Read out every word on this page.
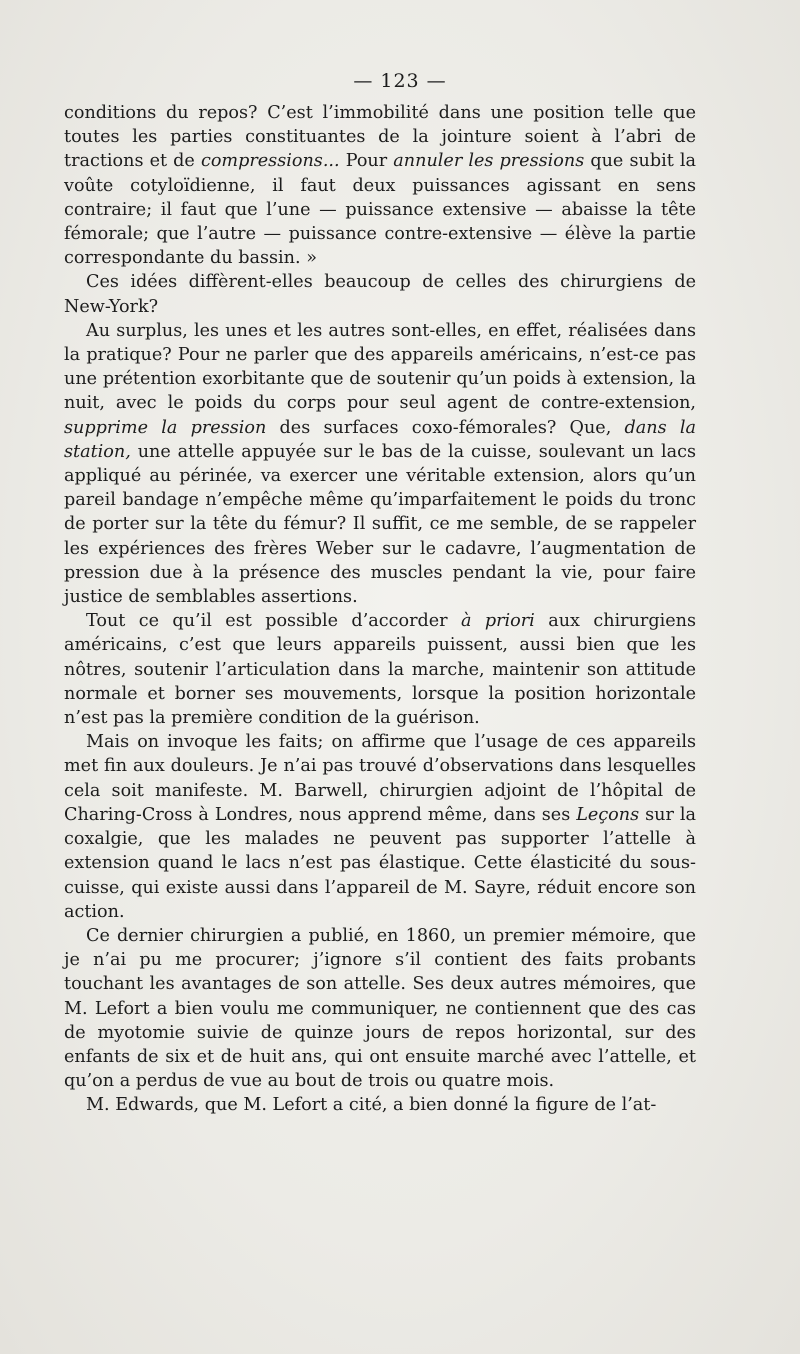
— 123 —

conditions du repos? C’est l’immobilité dans une position telle que toutes les parties constituantes de la jointure soient à l’abri de tractions et de compressions... Pour annuler les pressions que subit la voûte cotyloïdienne, il faut deux puissances agissant en sens contraire; il faut que l’une — puissance extensive — abaisse la tête fémorale; que l’autre — puissance contre-extensive — élève la partie correspondante du bassin. »

Ces idées diffèrent-elles beaucoup de celles des chirurgiens de New-York?

Au surplus, les unes et les autres sont-elles, en effet, réalisées dans la pratique? Pour ne parler que des appareils américains, n’est-ce pas une prétention exorbitante que de soutenir qu’un poids à extension, la nuit, avec le poids du corps pour seul agent de contre-extension, supprime la pression des surfaces coxo-fémorales? Que, dans la station, une attelle appuyée sur le bas de la cuisse, soulevant un lacs appliqué au périnée, va exercer une véritable extension, alors qu’un pareil bandage n’empêche même qu’imparfaitement le poids du tronc de porter sur la tête du fémur? Il suffit, ce me semble, de se rappeler les expériences des frères Weber sur le cadavre, l’augmentation de pression due à la présence des muscles pendant la vie, pour faire justice de semblables assertions.

Tout ce qu’il est possible d’accorder à priori aux chirurgiens américains, c’est que leurs appareils puissent, aussi bien que les nôtres, soutenir l’articulation dans la marche, maintenir son attitude normale et borner ses mouvements, lorsque la position horizontale n’est pas la première condition de la guérison.

Mais on invoque les faits; on affirme que l’usage de ces appareils met fin aux douleurs. Je n’ai pas trouvé d’observations dans lesquelles cela soit manifeste. M. Barwell, chirurgien adjoint de l’hôpital de Charing-Cross à Londres, nous apprend même, dans ses Leçons sur la coxalgie, que les malades ne peuvent pas supporter l’attelle à extension quand le lacs n’est pas élastique. Cette élasticité du sous-cuisse, qui existe aussi dans l’appareil de M. Sayre, réduit encore son action.

Ce dernier chirurgien a publié, en 1860, un premier mémoire, que je n’ai pu me procurer; j’ignore s’il contient des faits probants touchant les avantages de son attelle. Ses deux autres mémoires, que M. Lefort a bien voulu me communiquer, ne contiennent que des cas de myotomie suivie de quinze jours de repos horizontal, sur des enfants de six et de huit ans, qui ont ensuite marché avec l’attelle, et qu’on a perdus de vue au bout de trois ou quatre mois.

M. Edwards, que M. Lefort a cité, a bien donné la figure de l’at-
